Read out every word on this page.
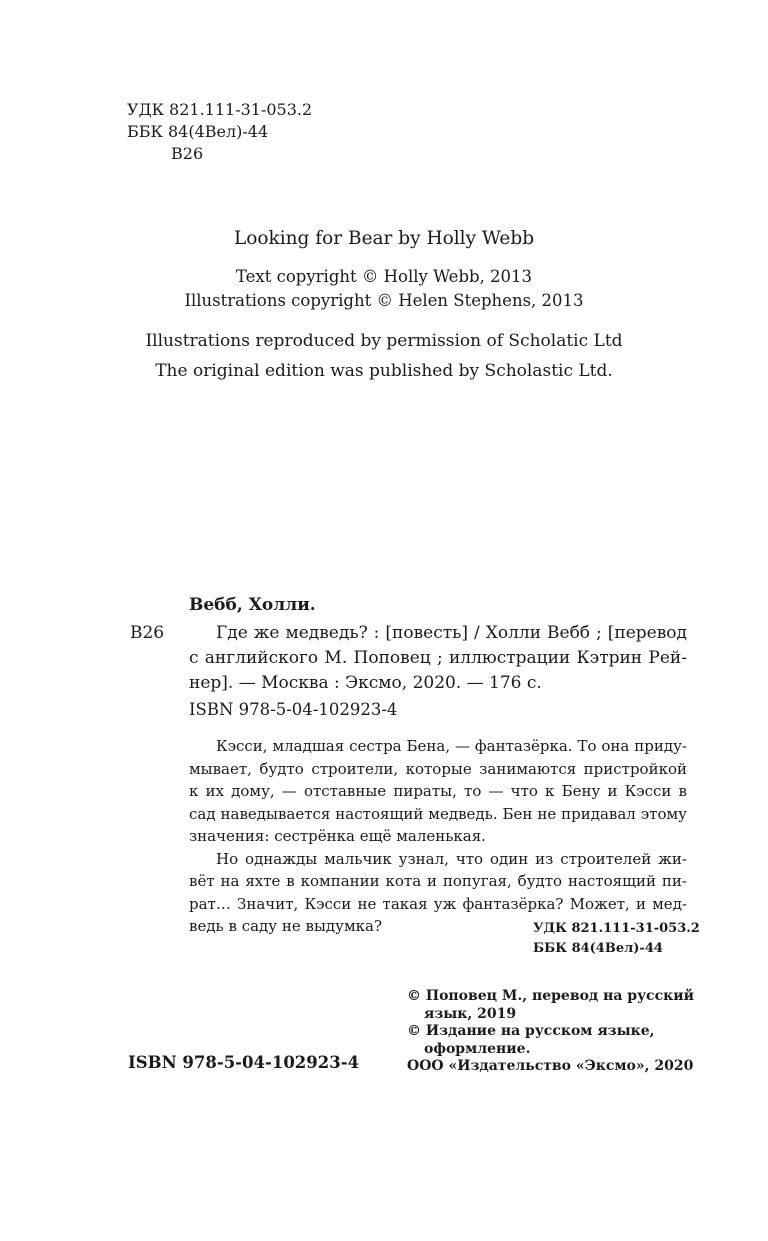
УДК 821.111-31-053.2
ББК 84(4Вел)-44
В26
Looking for Bear by Holly Webb
Text copyright © Holly Webb, 2013
Illustrations copyright © Helen Stephens, 2013
Illustrations reproduced by permission of Scholatic Ltd
The original edition was published by Scholastic Ltd.
Вебб, Холли.
В26	Где же медведь? : [повесть] / Холли Вебб ; [перевод с английского М. Поповец ; иллюстрации Кэтрин Рей-нер]. — Москва : Эксмо, 2020. — 176 с.
ISBN 978-5-04-102923-4

Кэсси, младшая сестра Бена, — фантазёрка. То она приду-мывает, будто строители, которые занимаются пристройкой к их дому, — отставные пираты, то — что к Бену и Кэсси в сад наведывается настоящий медведь. Бен не придавал этому значения: сестрёнка ещё маленькая.

Но однажды мальчик узнал, что один из строителей жи-вёт на яхте в компании кота и попугая, будто настоящий пи-рат… Значит, Кэсси не такая уж фантазёрка? Может, и мед-ведь в саду не выдумка?	УДК 821.111-31-053.2
ББК 84(4Вел)-44
© Поповец М., перевод на русский язык, 2019
© Издание на русском языке, оформление.
ООО «Издательство «Эксмо», 2020
ISBN 978-5-04-102923-4
